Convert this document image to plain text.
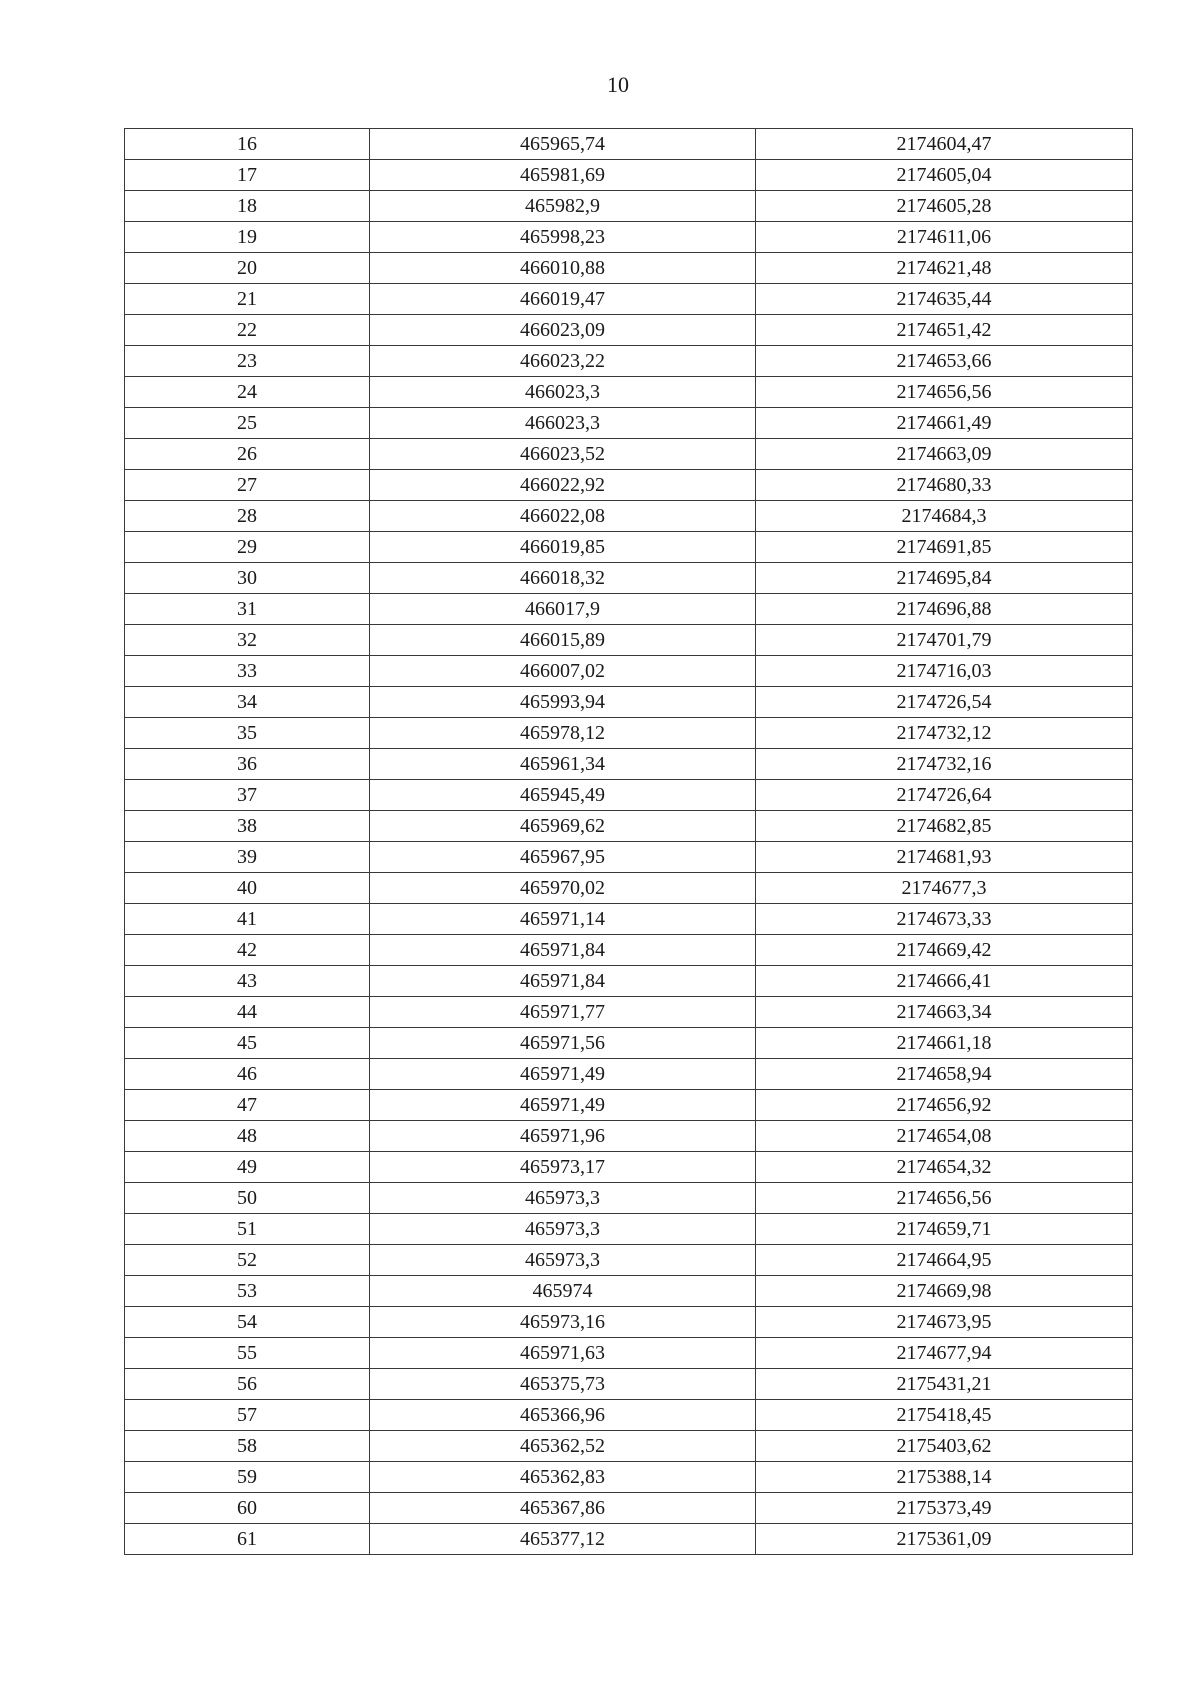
10
16	465965,74	2174604,47
17	465981,69	2174605,04
18	465982,9	2174605,28
19	465998,23	2174611,06
20	466010,88	2174621,48
21	466019,47	2174635,44
22	466023,09	2174651,42
23	466023,22	2174653,66
24	466023,3	2174656,56
25	466023,3	2174661,49
26	466023,52	2174663,09
27	466022,92	2174680,33
28	466022,08	2174684,3
29	466019,85	2174691,85
30	466018,32	2174695,84
31	466017,9	2174696,88
32	466015,89	2174701,79
33	466007,02	2174716,03
34	465993,94	2174726,54
35	465978,12	2174732,12
36	465961,34	2174732,16
37	465945,49	2174726,64
38	465969,62	2174682,85
39	465967,95	2174681,93
40	465970,02	2174677,3
41	465971,14	2174673,33
42	465971,84	2174669,42
43	465971,84	2174666,41
44	465971,77	2174663,34
45	465971,56	2174661,18
46	465971,49	2174658,94
47	465971,49	2174656,92
48	465971,96	2174654,08
49	465973,17	2174654,32
50	465973,3	2174656,56
51	465973,3	2174659,71
52	465973,3	2174664,95
53	465974	2174669,98
54	465973,16	2174673,95
55	465971,63	2174677,94
56	465375,73	2175431,21
57	465366,96	2175418,45
58	465362,52	2175403,62
59	465362,83	2175388,14
60	465367,86	2175373,49
61	465377,12	2175361,09
